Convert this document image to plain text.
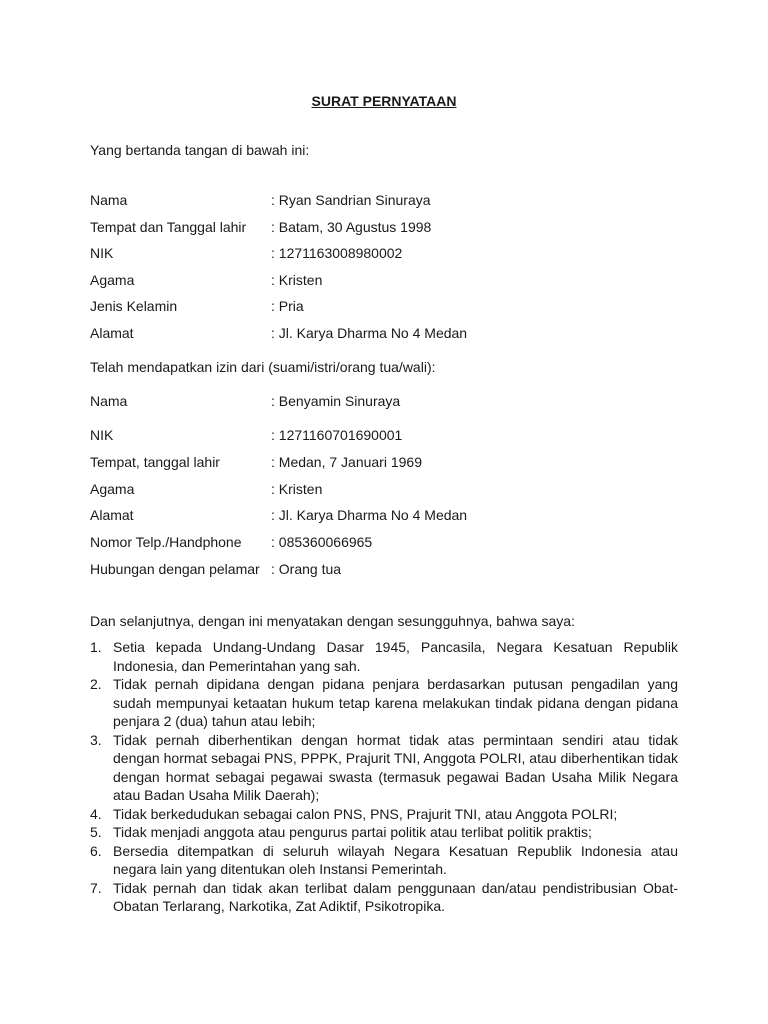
SURAT PERNYATAAN
Yang bertanda tangan di bawah ini:
Nama	: Ryan Sandrian Sinuraya
Tempat dan Tanggal lahir : Batam, 30 Agustus 1998
NIK	: 1271163008980002
Agama	: Kristen
Jenis Kelamin	: Pria
Alamat	: Jl. Karya Dharma No 4 Medan
Telah mendapatkan izin dari (suami/istri/orang tua/wali):
Nama	: Benyamin Sinuraya
NIK	: 1271160701690001
Tempat, tanggal lahir	: Medan, 7 Januari 1969
Agama	: Kristen
Alamat	: Jl. Karya Dharma No 4 Medan
Nomor Telp./Handphone : 085360066965
Hubungan dengan pelamar : Orang tua
Dan selanjutnya, dengan ini menyatakan dengan sesungguhnya, bahwa saya:
1. Setia kepada Undang-Undang Dasar 1945, Pancasila, Negara Kesatuan Republik Indonesia, dan Pemerintahan yang sah.
2. Tidak pernah dipidana dengan pidana penjara berdasarkan putusan pengadilan yang sudah mempunyai ketaatan hukum tetap karena melakukan tindak pidana dengan pidana penjara 2 (dua) tahun atau lebih;
3. Tidak pernah diberhentikan dengan hormat tidak atas permintaan sendiri atau tidak dengan hormat sebagai PNS, PPPK, Prajurit TNI, Anggota POLRI, atau diberhentikan tidak dengan hormat sebagai pegawai swasta (termasuk pegawai Badan Usaha Milik Negara atau Badan Usaha Milik Daerah);
4. Tidak berkedudukan sebagai calon PNS, PNS, Prajurit TNI, atau Anggota POLRI;
5. Tidak menjadi anggota atau pengurus partai politik atau terlibat politik praktis;
6. Bersedia ditempatkan di seluruh wilayah Negara Kesatuan Republik Indonesia atau negara lain yang ditentukan oleh Instansi Pemerintah.
7. Tidak pernah dan tidak akan terlibat dalam penggunaan dan/atau pendistribusian Obat-Obatan Terlarang, Narkotika, Zat Adiktif, Psikotropika.
